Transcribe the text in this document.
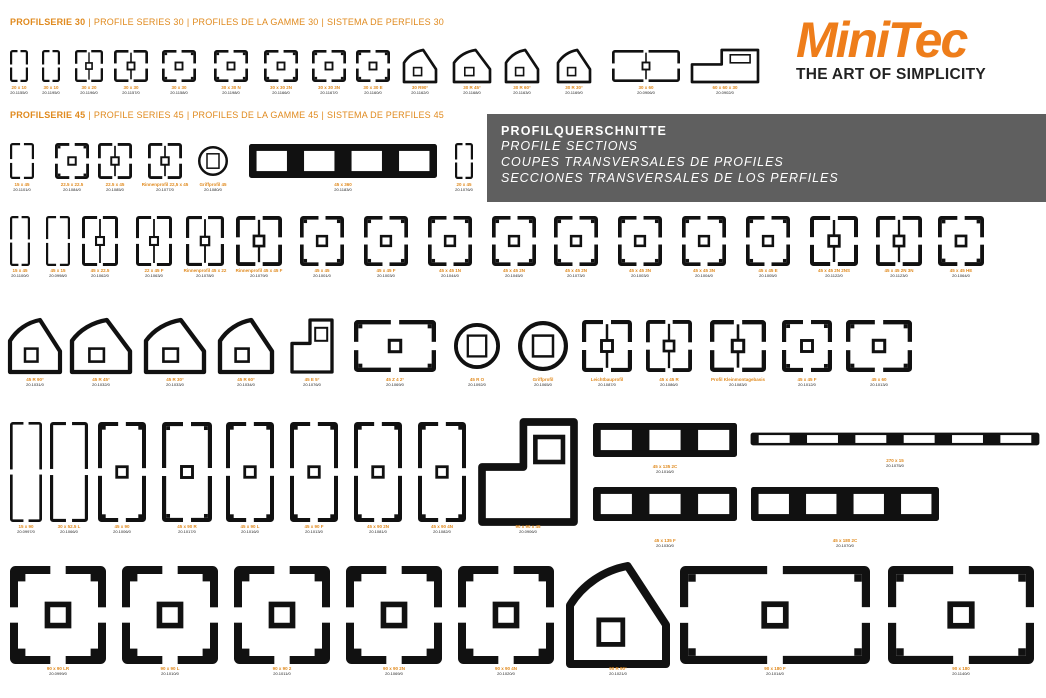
PROFILSERIE 30 | PROFILE SERIES 30 | PROFILES DE LA GAMME 30 | SISTEMA DE PERFILES 30
PROFILSERIE 45 | PROFILE SERIES 45 | PROFILES DE LA GAMME 45 | SISTEMA DE PERFILES 45
MiniTec
THE ART OF SIMPLICITY
PROFILQUERSCHNITTE
PROFILE SECTIONS
COUPES TRANSVERSALES DE PROFILES
SECCIONES TRANSVERSALES DE LOS PERFILES
20 x 10
20.1155/0
30 x 10
20.1195/0
30 x 20
20.1196/0
30 x 30
20.1157/0
30 x 30
20.1158/0
30 x 30 N
20.1198/0
30 x 30 2N
20.1166/0
30 x 30 3N
20.1167/0
30 x 30 E
20.1160/0
30 R90°
20.1162/0
30 R 45°
20.1168/0
30 R 60°
20.1163/0
30 R 30°
20.1169/0
30 x 60
20.0906/0
60 x 60 x 30
20.0902/0
15 x 45
20.1101/0
22.5 x 22.5
20.1084/0
22.5 x 45
20.1085/0
Rinnenprofil 22,5 x 45
20.1077/0
Griffprofil 45
20.1080/0
45 x 360
20.1183/0
20 x 45
20.1076/0
15 x 45
20.1100/0
45 x 15
20.0998/0
45 x 22.5
20.1062/0
22 x 45 F
20.1063/0
Rinnenprofil 45 x 22
20.1078/0
Rinnenprofil 45 x 45 F
20.1079/0
45 x 45
20.1001/0
45 x 45 F
20.1003/0
45 x 45 1N
20.1044/0
45 x 45 2N
20.1045/0
45 x 45 2N
20.1073/0
45 x 45 3N
20.1003/0
45 x 45 3N
20.1004/0
45 x 45 E
20.1005/0
45 x 45 2N 2NS
20.1122/0
45 x 45 2N 3N
20.1123/0
45 x 45 HE
20.1064/0
45 R 90°
20.1031/0
45 R 45°
20.1032/0
45 R 30°
20.1033/0
45 R 60°
20.1034/0
45 E 5°
20.1076/0
45 Z 4 2°
20.1069/0
45 R O
20.1092/0
Griffprofil
20.1065/0
Leichtbauprofil
20.1087/0
45 x 45 R
20.1086/0
Profil Kleinmontagebasis
20.1083/0
45 x 45 F
20.1012/0
45 x 60
20.1013/0
15 x 90
20.0997/0
30 x 52.5 L
20.1066/0
45 x 90
20.1006/0
45 x 90 R
20.1017/0
45 x 90 L
20.1016/0
45 x 90 F
20.1013/0
45 x 90 2N
20.1081/0
45 x 90 4N
20.1082/0
90 x 90 x 45
20.0906/0
45 x 135 2C
20.1016/0
270 x 15
20.1075/0
45 x 135 F
20.1030/0
45 x 180 2C
20.1070/0
90 x 90 LR
20.0999/0
90 x 90 L
20.1010/0
90 x 90 2
20.1011/0
90 x 90 2N
20.1069/0
90 x 90 4N
20.1020/0
90 R 90°
20.1021/0
90 x 180 F
20.1014/0
90 x 180
20.1140/0
